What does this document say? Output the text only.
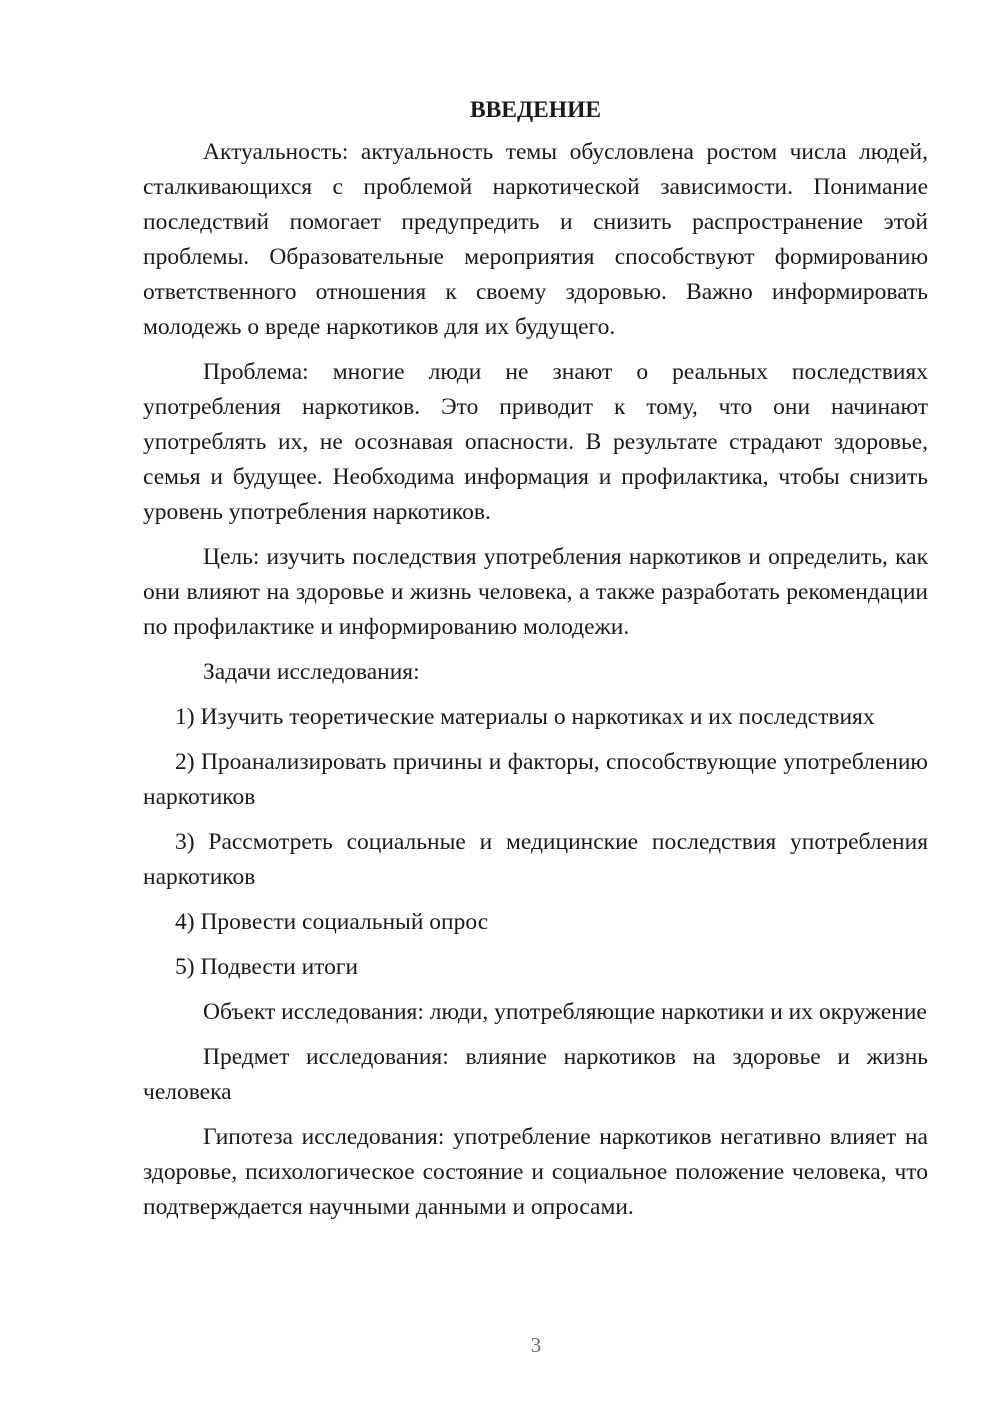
ВВЕДЕНИЕ

Актуальность: актуальность темы обусловлена ростом числа людей, сталкивающихся с проблемой наркотической зависимости. Понимание последствий помогает предупредить и снизить распространение этой проблемы. Образовательные мероприятия способствуют формированию ответственного отношения к своему здоровью. Важно информировать молодежь о вреде наркотиков для их будущего.

Проблема: многие люди не знают о реальных последствиях употребления наркотиков. Это приводит к тому, что они начинают употреблять их, не осознавая опасности. В результате страдают здоровье, семья и будущее. Необходима информация и профилактика, чтобы снизить уровень употребления наркотиков.

Цель: изучить последствия употребления наркотиков и определить, как они влияют на здоровье и жизнь человека, а также разработать рекомендации по профилактике и информированию молодежи.

Задачи исследования:

1) Изучить теоретические материалы о наркотиках и их последствиях

2) Проанализировать причины и факторы, способствующие употреблению наркотиков

3) Рассмотреть социальные и медицинские последствия употребления наркотиков

4) Провести социальный опрос

5) Подвести итоги

Объект исследования: люди, употребляющие наркотики и их окружение

Предмет исследования: влияние наркотиков на здоровье и жизнь человека

Гипотеза исследования: употребление наркотиков негативно влияет на здоровье, психологическое состояние и социальное положение человека, что подтверждается научными данными и опросами.

3
